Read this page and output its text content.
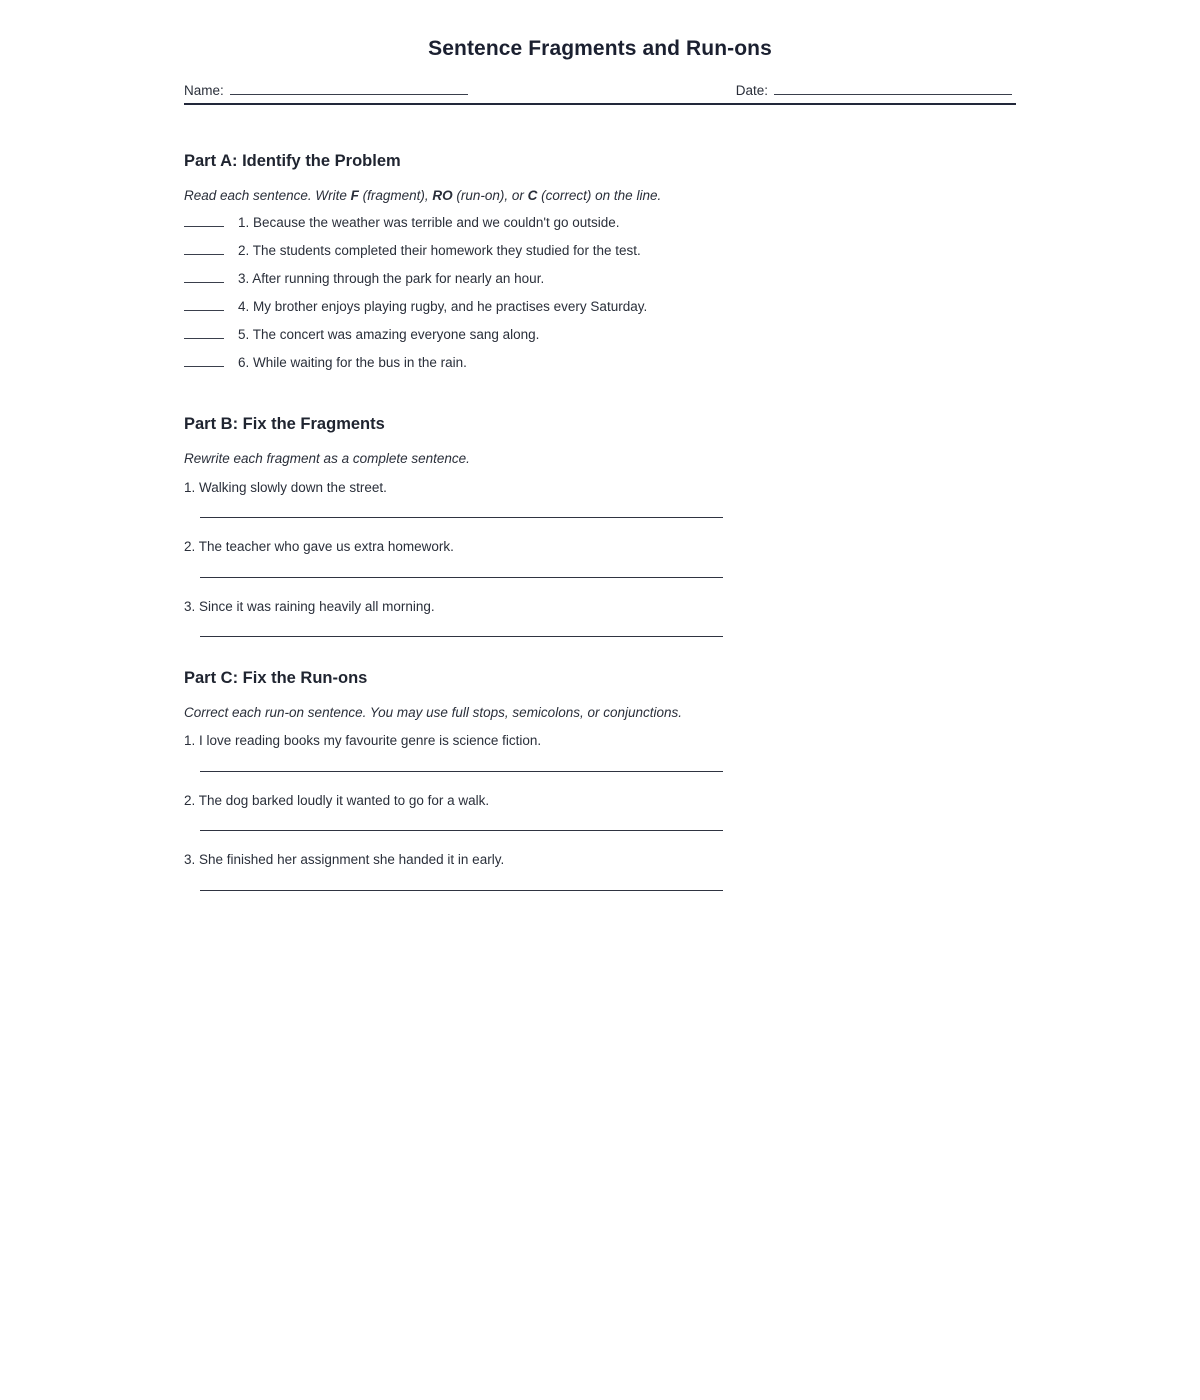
Sentence Fragments and Run-ons
Name:	Date:
Part A: Identify the Problem

Read each sentence. Write F (fragment), RO (run-on), or C (correct) on the line.

1. Because the weather was terrible and we couldn't go outside.
2. The students completed their homework they studied for the test.
3. After running through the park for nearly an hour.
4. My brother enjoys playing rugby, and he practises every Saturday.
5. The concert was amazing everyone sang along.
6. While waiting for the bus in the rain.
Part B: Fix the Fragments

Rewrite each fragment as a complete sentence.

1. Walking slowly down the street.
2. The teacher who gave us extra homework.
3. Since it was raining heavily all morning.
Part C: Fix the Run-ons

Correct each run-on sentence. You may use full stops, semicolons, or conjunctions.

1. I love reading books my favourite genre is science fiction.
2. The dog barked loudly it wanted to go for a walk.
3. She finished her assignment she handed it in early.
